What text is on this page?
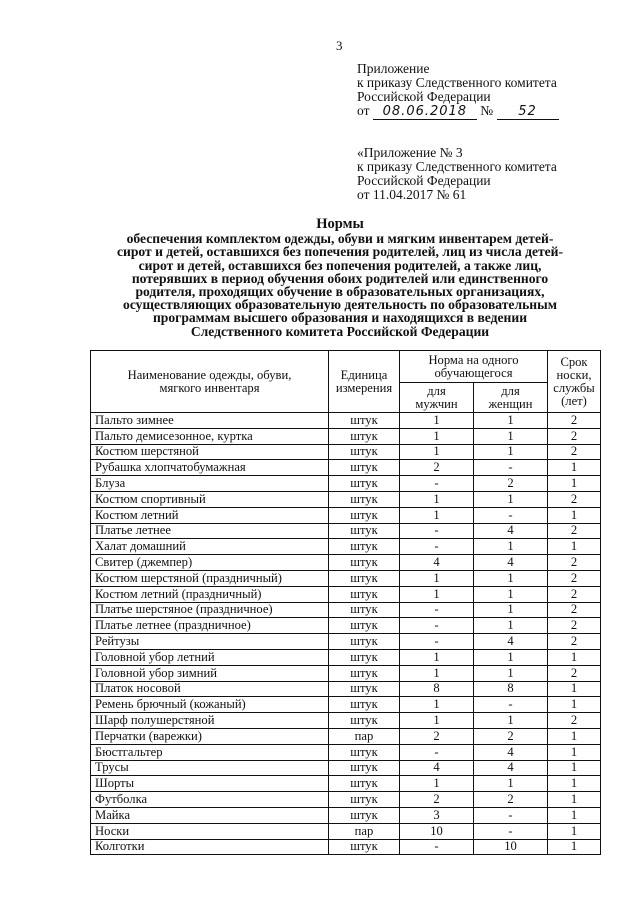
3
Приложение
к приказу Следственного комитета
Российской Федерации
от 08.06.2018 № 52
«Приложение № 3
к приказу Следственного комитета
Российской Федерации
от 11.04.2017 № 61
Нормы
обеспечения комплектом одежды, обуви и мягким инвентарем детей-
сирот и детей, оставшихся без попечения родителей, лиц из числа детей-
сирот и детей, оставшихся без попечения родителей, а также лиц,
потерявших в период обучения обоих родителей или единственного
родителя, проходящих обучение в образовательных организациях,
осуществляющих образовательную деятельность по образовательным
программам высшего образования и находящихся в ведении
Следственного комитета Российской Федерации
Наименование одежды, обуви, мягкого инвентаря	Единица измерения	Норма на одного обучающегося		Срок носки, службы (лет)
		для мужчин	для женщин	
Пальто зимнее	штук	1	1	2
Пальто демисезонное, куртка	штук	1	1	2
Костюм шерстяной	штук	1	1	2
Рубашка хлопчатобумажная	штук	2	-	1
Блуза	штук	-	2	1
Костюм спортивный	штук	1	1	2
Костюм летний	штук	1	-	1
Платье летнее	штук	-	4	2
Халат домашний	штук	-	1	1
Свитер (джемпер)	штук	4	4	2
Костюм шерстяной (праздничный)	штук	1	1	2
Костюм летний (праздничный)	штук	1	1	2
Платье шерстяное (праздничное)	штук	-	1	2
Платье летнее (праздничное)	штук	-	1	2
Рейтузы	штук	-	4	2
Головной убор летний	штук	1	1	1
Головной убор зимний	штук	1	1	2
Платок носовой	штук	8	8	1
Ремень брючный (кожаный)	штук	1	-	1
Шарф полушерстяной	штук	1	1	2
Перчатки (варежки)	пар	2	2	1
Бюстгальтер	штук	-	4	1
Трусы	штук	4	4	1
Шорты	штук	1	1	1
Футболка	штук	2	2	1
Майка	штук	3	-	1
Носки	пар	10	-	1
Колготки	штук	-	10	1
